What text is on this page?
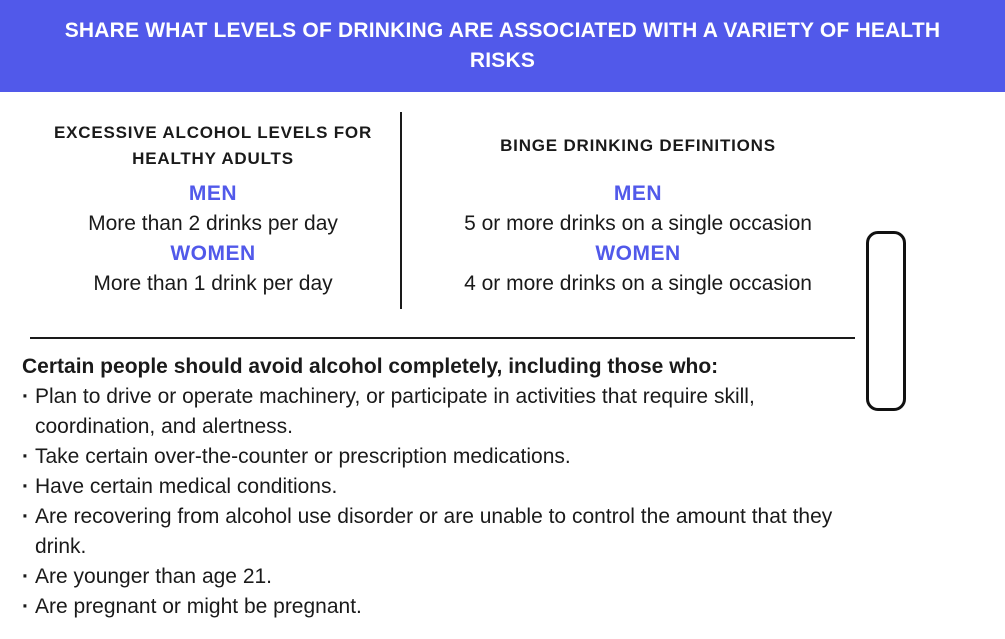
SHARE WHAT LEVELS OF DRINKING ARE ASSOCIATED WITH A VARIETY OF HEALTH RISKS
EXCESSIVE ALCOHOL LEVELS FOR HEALTHY ADULTS
MEN
More than 2 drinks per day
WOMEN
More than 1 drink per day
BINGE DRINKING DEFINITIONS
MEN
5 or more drinks on a single occasion
WOMEN
4 or more drinks on a single occasion

Certain people should avoid alcohol completely, including those who:

· Plan to drive or operate machinery, or participate in activities that require skill, coordination, and alertness.
· Take certain over-the-counter or prescription medications.
· Have certain medical conditions.
· Are recovering from alcohol use disorder or are unable to control the amount that they drink.
· Are younger than age 21.
· Are pregnant or might be pregnant.
